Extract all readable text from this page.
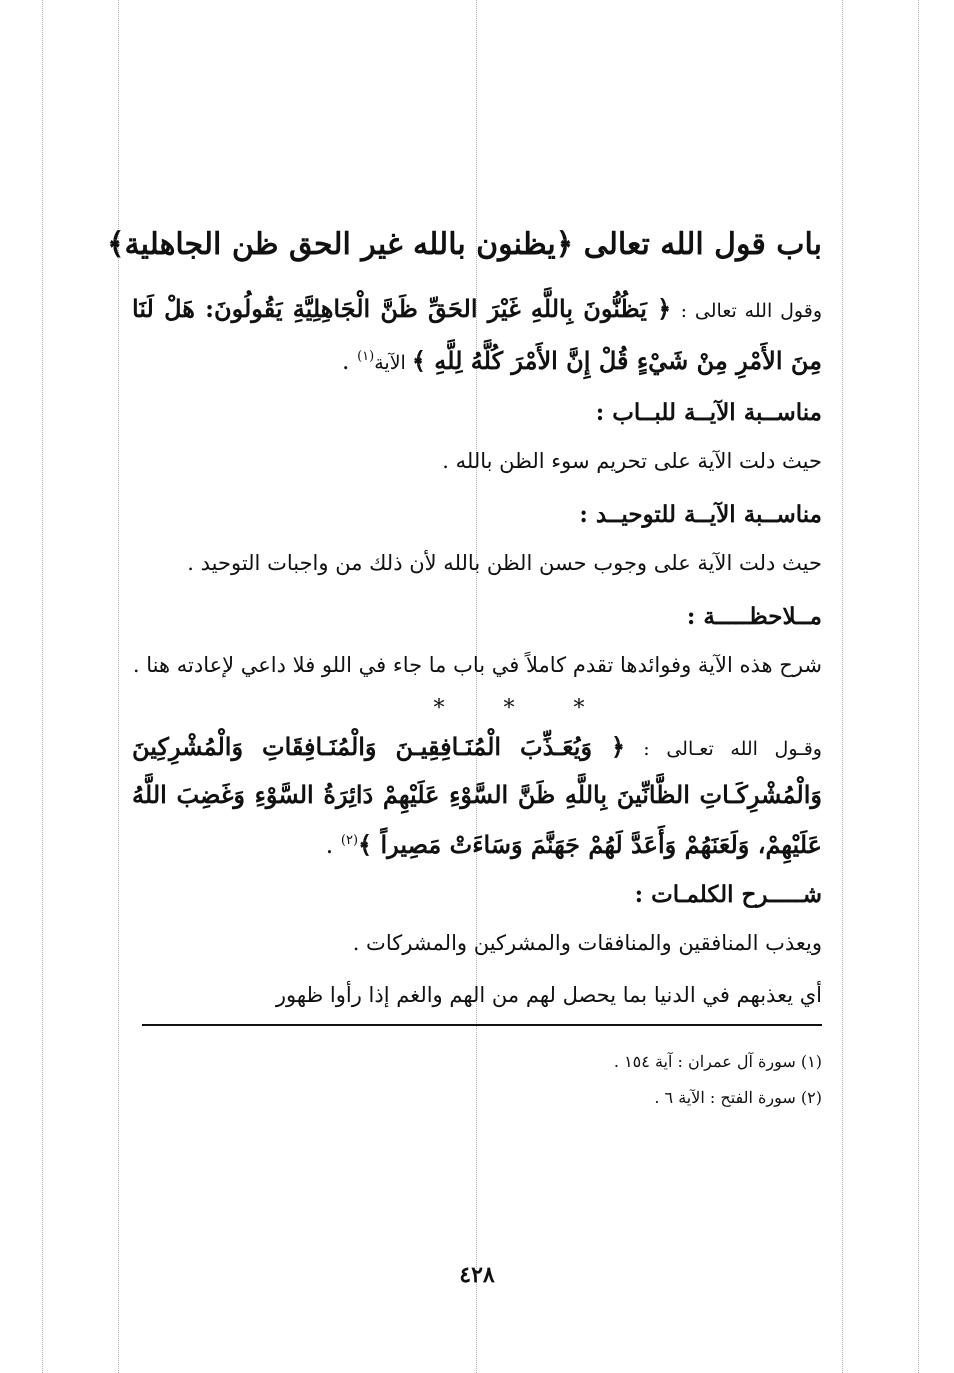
باب قول الله تعالى ﴿يظنون بالله غير الحق ظن الجاهلية﴾

وقول الله تعالى : ﴿ يَظُنُّونَ بِاللَّهِ غَيْرَ الحَقِّ ظَنَّ الْجَاهِلِيَّةِ يَقُولُونَ: هَلْ لَنَا مِنَ الأَمْرِ مِنْ شَيْءٍ قُلْ إِنَّ الأَمْرَ كُلَّهُ لِلَّهِ ﴾ الآية$^{(١)}$ .

مناســبة الآيــة للبــاب :

حيث دلت الآية على تحريم سوء الظن بالله .

مناســبة الآيــة للتوحيــد :

حيث دلت الآية على وجوب حسن الظن بالله لأن ذلك من واجبات التوحيد .

مــلاحظـــــة :

شرح هذه الآية وفوائدها تقدم كاملاً في باب ما جاء في اللو فلا داعي لإعادته هنا .

* * *

وقـول الله تعـالى : ﴿ وَيُعَـذِّبَ الْمُنَـافِقِيـنَ وَالْمُنَـافِقَاتِ وَالْمُشْرِكِينَ وَالْمُشْرِكَـاتِ الظَّانِّينَ بِاللَّهِ ظَنَّ السَّوْءِ عَلَيْهِمْ دَائِرَةُ السَّوْءِ وَغَضِبَ اللَّهُ عَلَيْهِمْ، وَلَعَنَهُمْ وَأَعَدَّ لَهُمْ جَهَنَّمَ وَسَاءَتْ مَصِيراً ﴾$^{(٢)}$ .

شـــــرح الكلمـات :

ويعذب المنافقين والمنافقات والمشركين والمشركات .

أي يعذبهم في الدنيا بما يحصل لهم من الهم والغم إذا رأوا ظهور

(١) سورة آل عمران : آية ١٥٤ .
(٢) سورة الفتح : الآية ٦ .
٤٢٨
